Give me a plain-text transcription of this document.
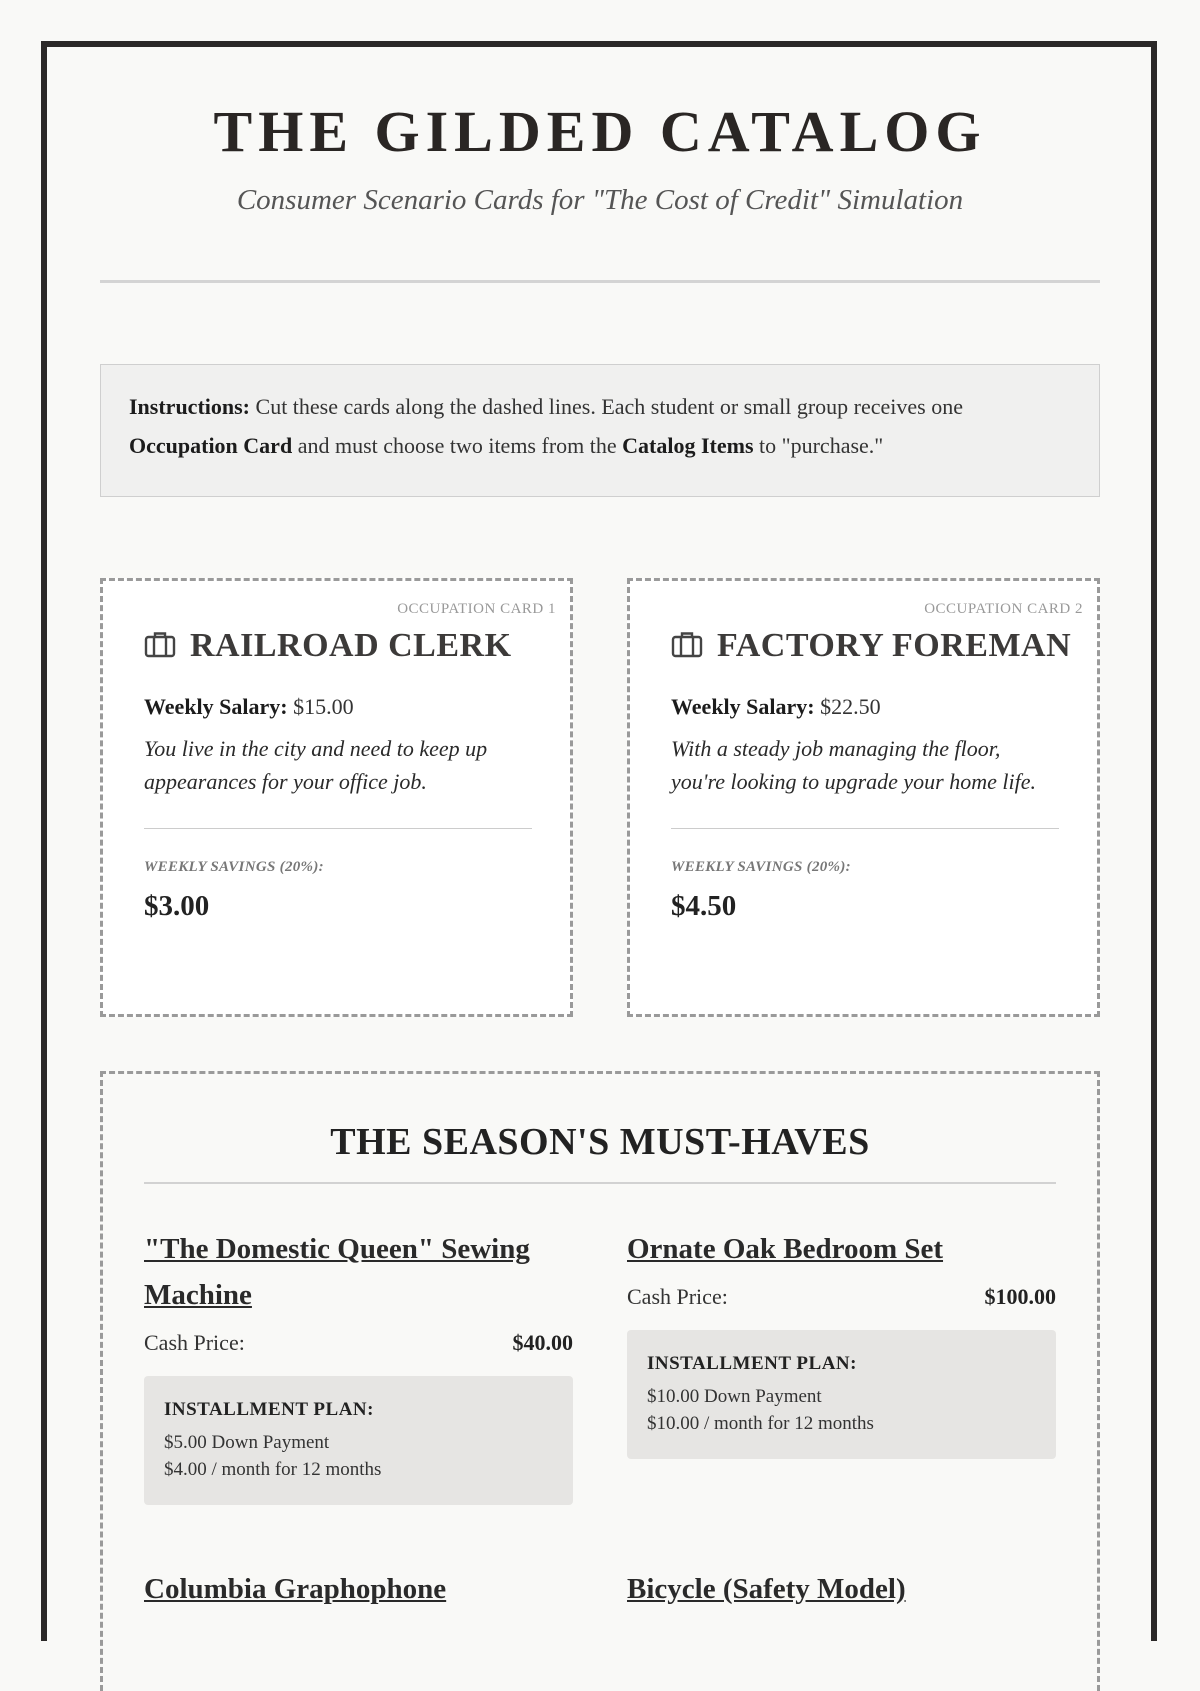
THE GILDED CATALOG

Consumer Scenario Cards for "The Cost of Credit" Simulation

Instructions: Cut these cards along the dashed lines. Each student or small group receives one Occupation Card and must choose two items from the Catalog Items to "purchase."
OCCUPATION CARD 1
RAILROAD CLERK

Weekly Salary: $15.00

You live in the city and need to keep up appearances for your office job.

WEEKLY SAVINGS (20%):
$3.00
OCCUPATION CARD 2
FACTORY FOREMAN

Weekly Salary: $22.50

With a steady job managing the floor, you're looking to upgrade your home life.

WEEKLY SAVINGS (20%):
$4.50
THE SEASON'S MUST-HAVES
"The Domestic Queen" Sewing Machine
Cash Price:	$40.00
INSTALLMENT PLAN:
$5.00 Down Payment
$4.00 / month for 12 months
Ornate Oak Bedroom Set
Cash Price:	$100.00
INSTALLMENT PLAN:
$10.00 Down Payment
$10.00 / month for 12 months
Columbia Graphophone	Bicycle (Safety Model)
